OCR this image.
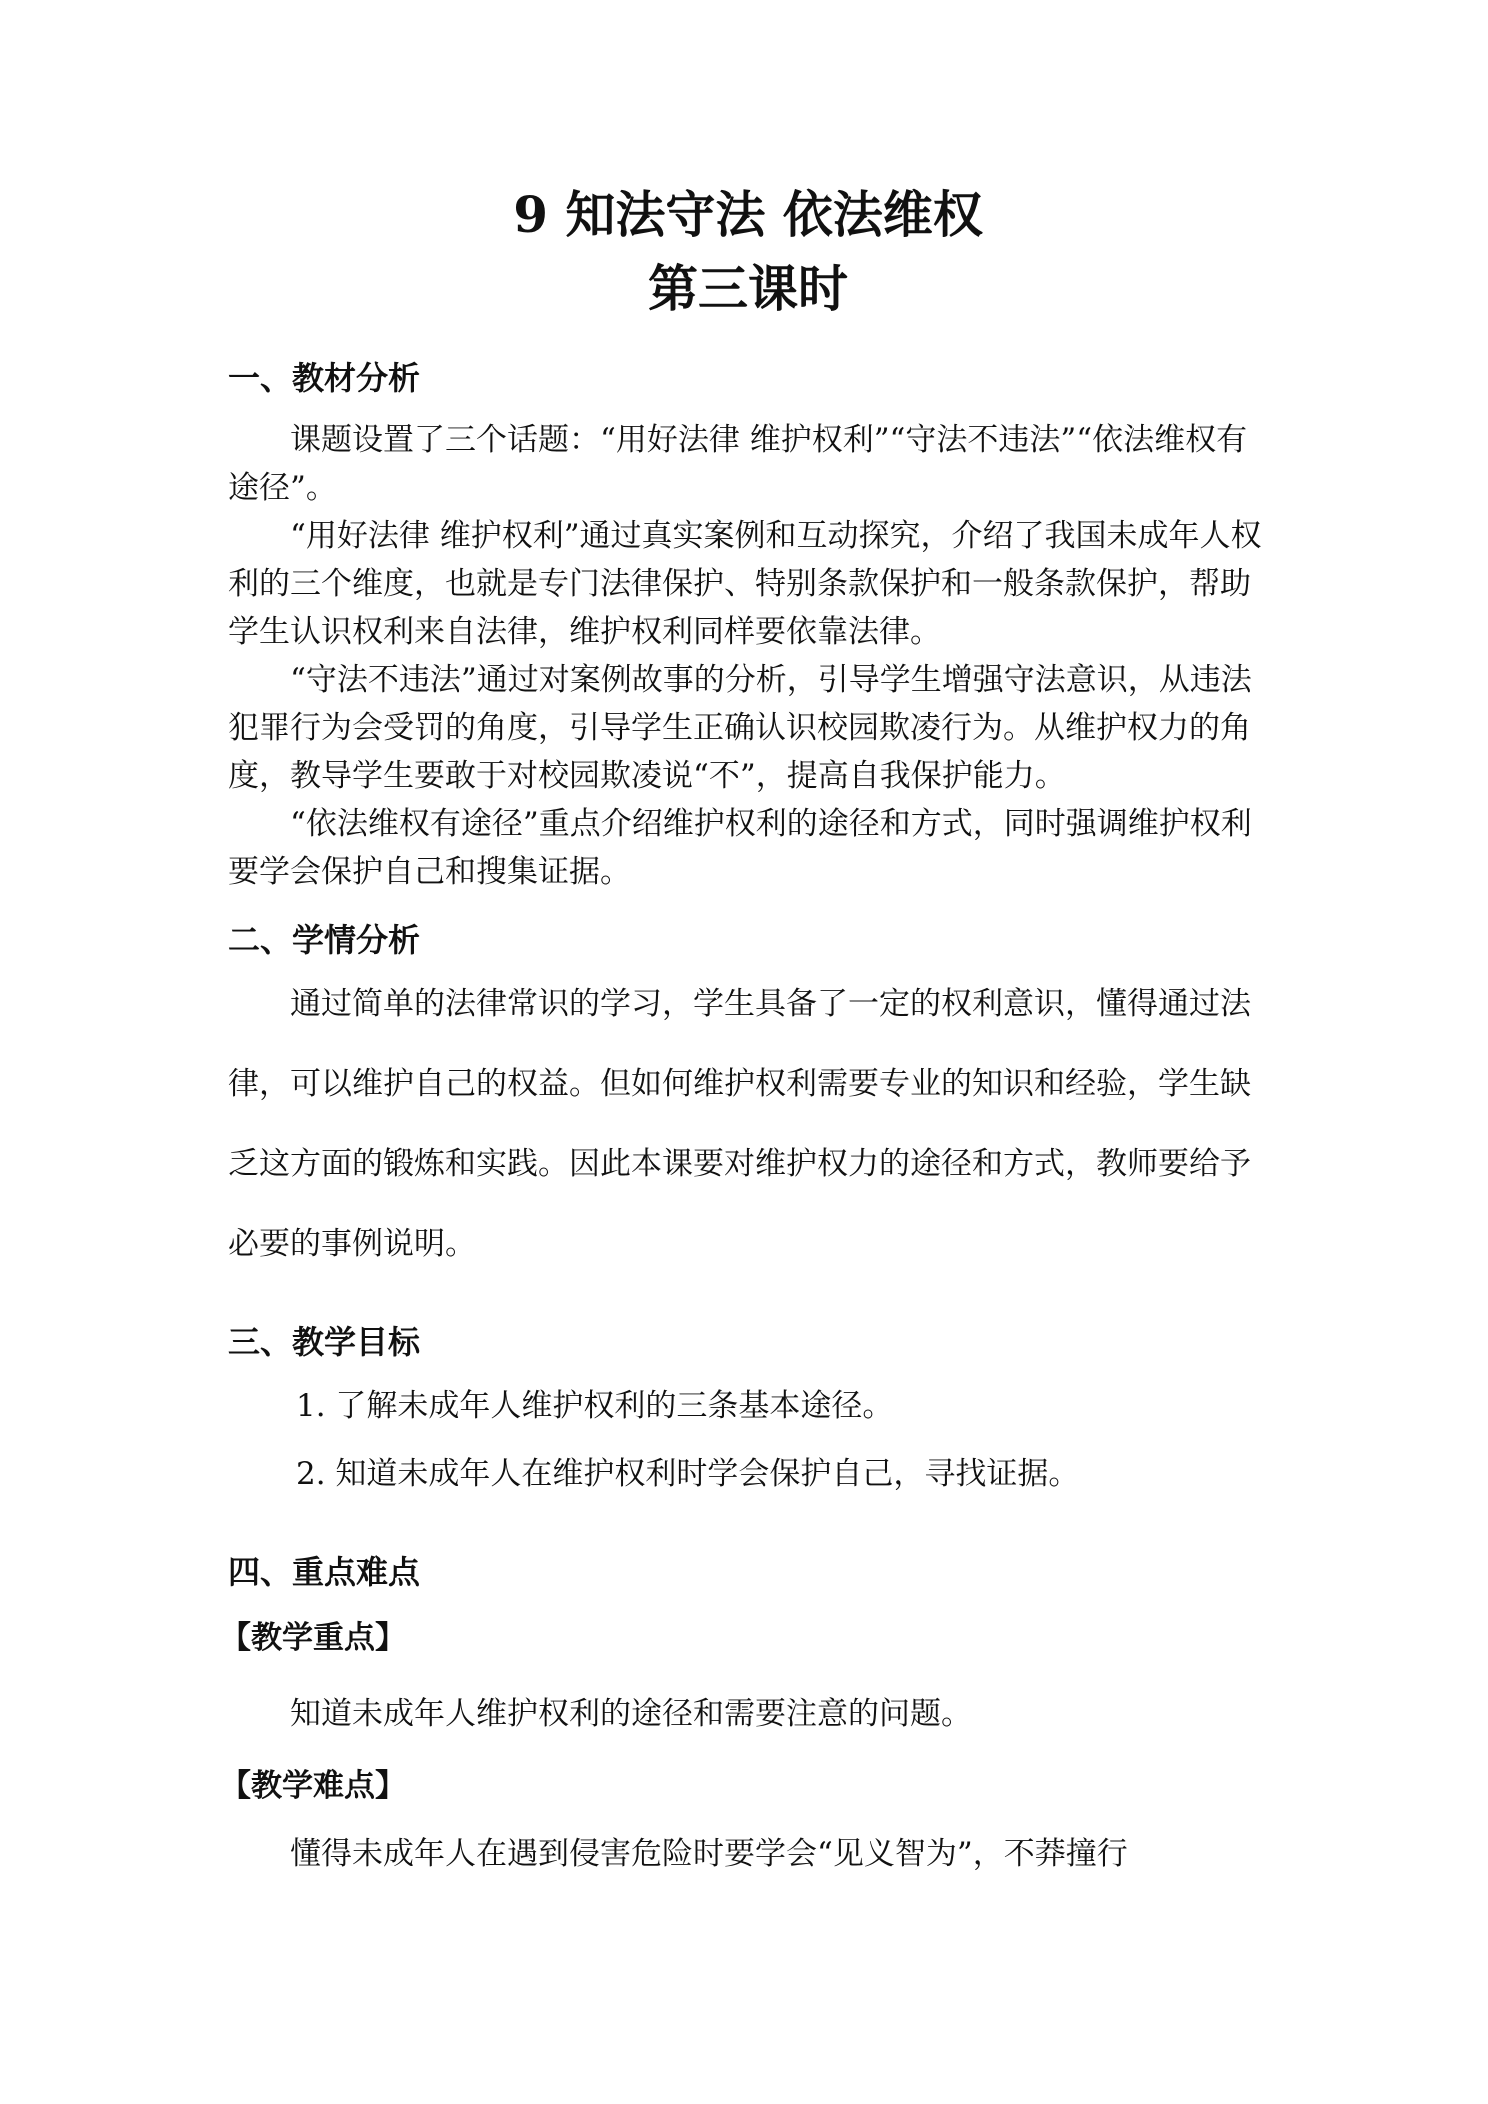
9 知法守法 依法维权
第三课时
一、教材分析

课题设置了三个话题：“用好法律 维护权利”“守法不违法”“依法维权有途径”。

“用好法律 维护权利”通过真实案例和互动探究，介绍了我国未成年人权利的三个维度，也就是专门法律保护、特别条款保护和一般条款保护，帮助学生认识权利来自法律，维护权利同样要依靠法律。

“守法不违法”通过对案例故事的分析，引导学生增强守法意识，从违法犯罪行为会受罚的角度，引导学生正确认识校园欺凌行为。从维护权力的角度，教导学生要敢于对校园欺凌说“不”，提高自我保护能力。

“依法维权有途径”重点介绍维护权利的途径和方式，同时强调维护权利要学会保护自己和搜集证据。

二、学情分析

通过简单的法律常识的学习，学生具备了一定的权利意识，懂得通过法律，可以维护自己的权益。但如何维护权利需要专业的知识和经验，学生缺乏这方面的锻炼和实践。因此本课要对维护权力的途径和方式，教师要给予必要的事例说明。

三、教学目标

1. 了解未成年人维护权利的三条基本途径。

2. 知道未成年人在维护权利时学会保护自己，寻找证据。

四、重点难点
【教学重点】

知道未成年人维护权利的途径和需要注意的问题。

【教学难点】

懂得未成年人在遇到侵害危险时要学会“见义智为”，不莽撞行
